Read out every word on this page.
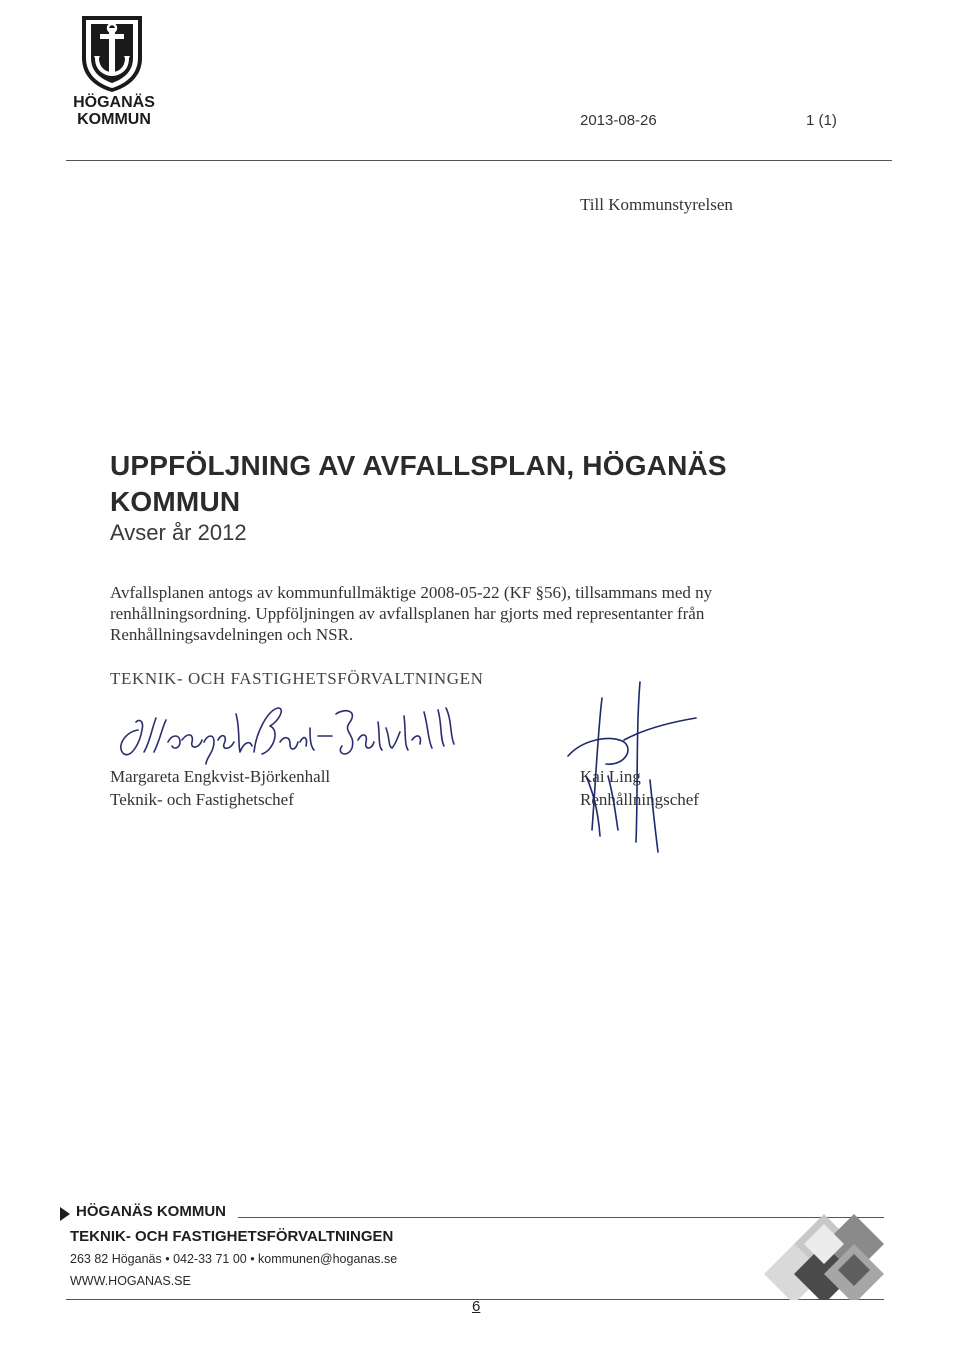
HÖGANÄS
KOMMUN	2013-08-26	1 (1)
Till Kommunstyrelsen
UPPFÖLJNING AV AVFALLSPLAN, HÖGANÄS KOMMUN
Avser år 2012
Avfallsplanen antogs av kommunfullmäktige 2008-05-22 (KF §56), tillsammans med ny renhållningsordning. Uppföljningen av avfallsplanen har gjorts med representanter från Renhållningsavdelningen och NSR.
TEKNIK- OCH FASTIGHETSFÖRVALTNINGEN
Margareta Engkvist-Björkenhall
Teknik- och Fastighetschef
Kai Ling
Renhållningschef
HÖGANÄS KOMMUN
TEKNIK- OCH FASTIGHETSFÖRVALTNINGEN
263 82 Höganäs • 042-33 71 00 • kommunen@hoganas.se
WWW.HOGANAS.SE
6
